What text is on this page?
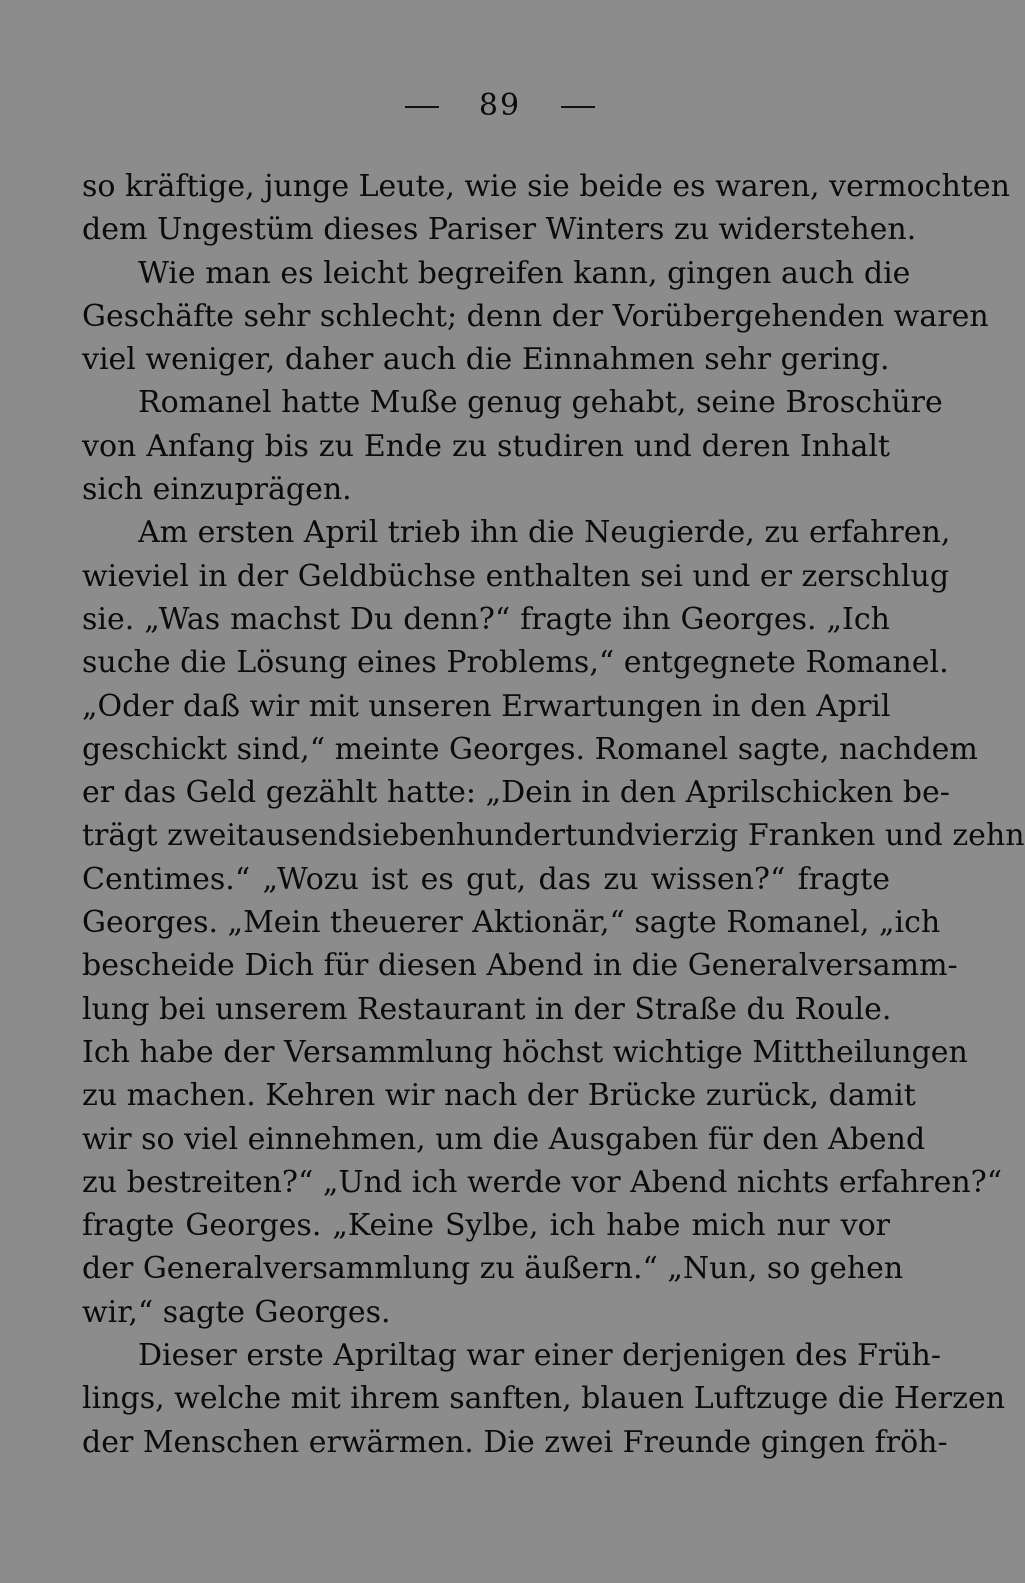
89
so kräftige, junge Leute, wie sie beide es waren, vermochten
dem Ungestüm dieses Pariser Winters zu widerstehen.
Wie man es leicht begreifen kann, gingen auch die
Geschäfte sehr schlecht; denn der Vorübergehenden waren
viel weniger, daher auch die Einnahmen sehr gering.
Romanel hatte Muße genug gehabt, seine Broschüre
von Anfang bis zu Ende zu studiren und deren Inhalt
sich einzuprägen.
Am ersten April trieb ihn die Neugierde, zu erfahren,
wieviel in der Geldbüchse enthalten sei und er zerschlug
sie. „Was machst Du denn?“ fragte ihn Georges. „Ich
suche die Lösung eines Problems,“ entgegnete Romanel.
„Oder daß wir mit unseren Erwartungen in den April
geschickt sind,“ meinte Georges. Romanel sagte, nachdem
er das Geld gezählt hatte: „Dein in den Aprilschicken be-
trägt zweitausendsiebenhundertundvierzig Franken und zehn
Centimes.“ „Wozu ist es gut, das zu wissen?“ fragte
Georges. „Mein theuerer Aktionär,“ sagte Romanel, „ich
bescheide Dich für diesen Abend in die Generalversamm-
lung bei unserem Restaurant in der Straße du Roule.
Ich habe der Versammlung höchst wichtige Mittheilungen
zu machen. Kehren wir nach der Brücke zurück, damit
wir so viel einnehmen, um die Ausgaben für den Abend
zu bestreiten?“ „Und ich werde vor Abend nichts erfahren?“
fragte Georges. „Keine Sylbe, ich habe mich nur vor
der Generalversammlung zu äußern.“ „Nun, so gehen
wir,“ sagte Georges.
Dieser erste Apriltag war einer derjenigen des Früh-
lings, welche mit ihrem sanften, blauen Luftzuge die Herzen
der Menschen erwärmen. Die zwei Freunde gingen fröh-
